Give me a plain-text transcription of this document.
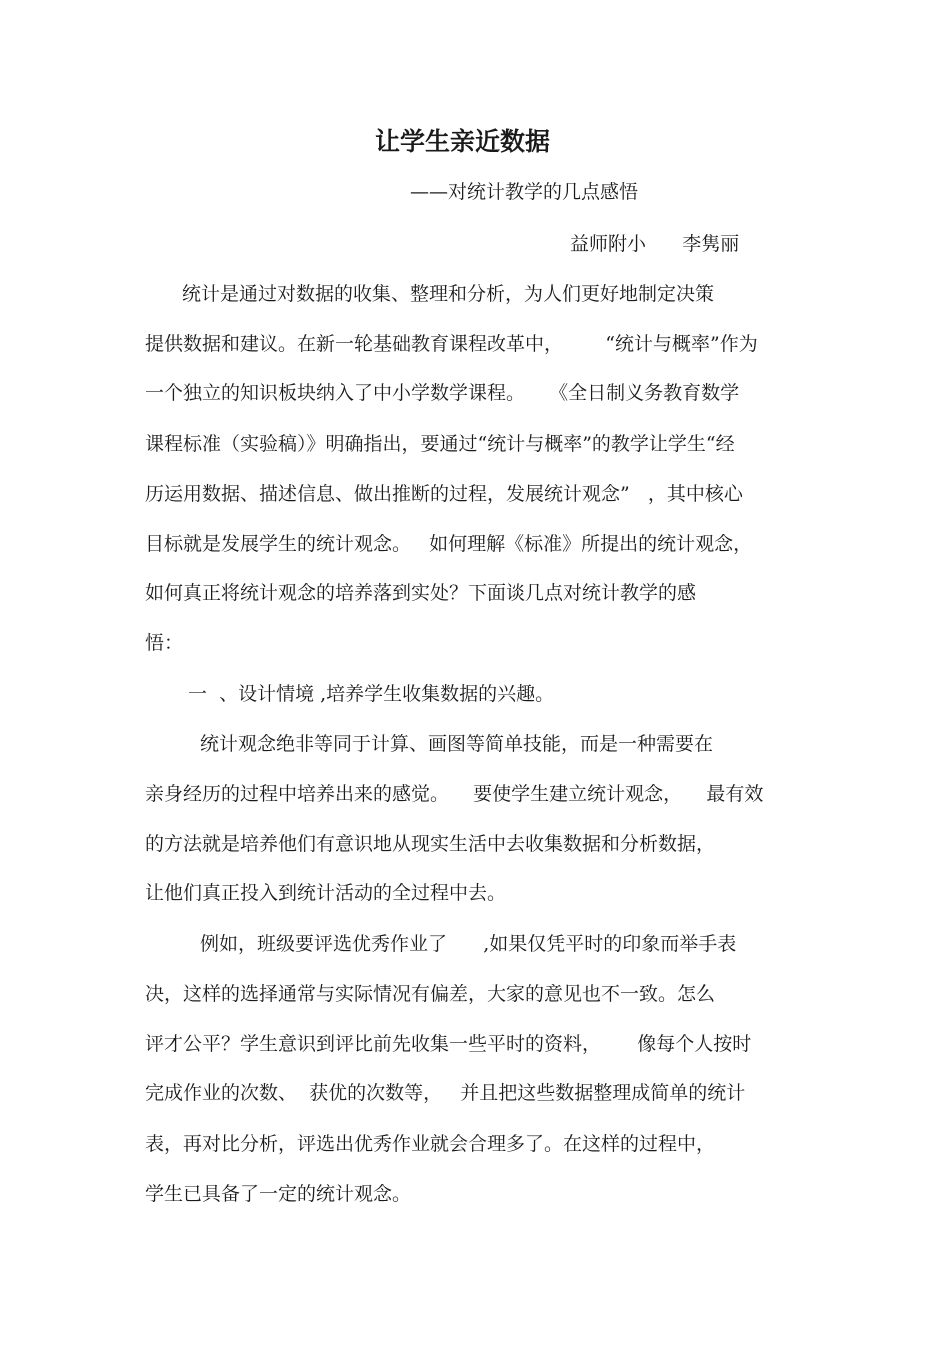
让学生亲近数据

——对统计教学的几点感悟

益师附小      李隽丽

统计是通过对数据的收集、整理和分析，为人们更好地制定决策

提供数据和建议。在新一轮基础教育课程改革中，       “统计与概率”作为

一个独立的知识板块纳入了中小学数学课程。    《全日制义务教育数学

课程标准（实验稿）》明确指出，要通过“统计与概率”的教学让学生“经

历运用数据、描述信息、做出推断的过程，发展统计观念”   ，其中核心

目标就是发展学生的统计观念。   如何理解《标准》所提出的统计观念，

如何真正将统计观念的培养落到实处？下面谈几点对统计教学的感

悟：

一  、设计情境 ,培养学生收集数据的兴趣。

统计观念绝非等同于计算、画图等简单技能，而是一种需要在

亲身经历的过程中培养出来的感觉。    要使学生建立统计观念，    最有效

的方法就是培养他们有意识地从现实生活中去收集数据和分析数据，

让他们真正投入到统计活动的全过程中去。

例如，班级要评选优秀作业了      ,如果仅凭平时的印象而举手表

决，这样的选择通常与实际情况有偏差，大家的意见也不一致。怎么

评才公平？学生意识到评比前先收集一些平时的资料，      像每个人按时

完成作业的次数、  获优的次数等，   并且把这些数据整理成简单的统计

表，再对比分析，评选出优秀作业就会合理多了。在这样的过程中，

学生已具备了一定的统计观念。
